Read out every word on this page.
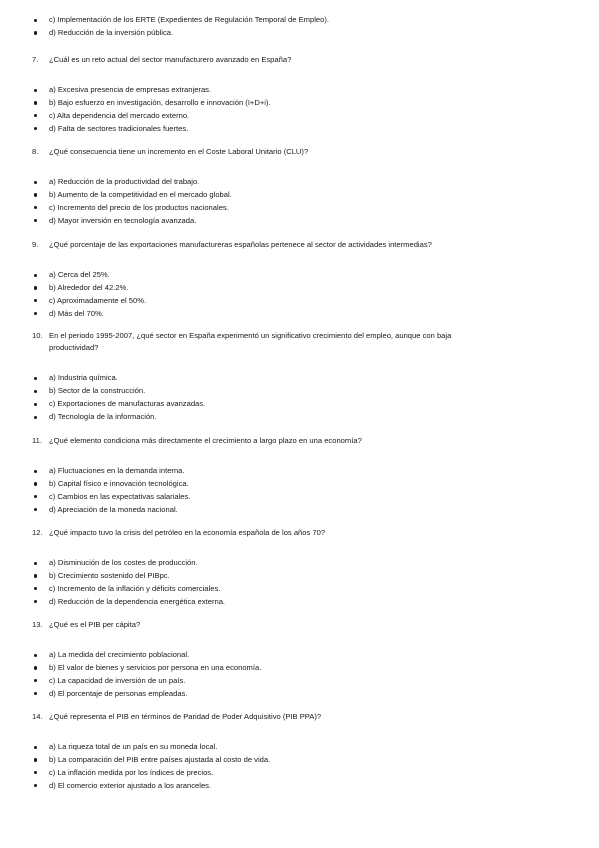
c) Implementación de los ERTE (Expedientes de Regulación Temporal de Empleo).
d) Reducción de la inversión pública.
7. ¿Cuál es un reto actual del sector manufacturero avanzado en España?
a) Excesiva presencia de empresas extranjeras.
b) Bajo esfuerzo en investigación, desarrollo e innovación (I+D+i).
c) Alta dependencia del mercado externo.
d) Falta de sectores tradicionales fuertes.
8. ¿Qué consecuencia tiene un incremento en el Coste Laboral Unitario (CLU)?
a) Reducción de la productividad del trabajo.
b) Aumento de la competitividad en el mercado global.
c) Incremento del precio de los productos nacionales.
d) Mayor inversión en tecnología avanzada.
9. ¿Qué porcentaje de las exportaciones manufactureras españolas pertenece al sector de actividades intermedias?
a) Cerca del 25%.
b) Alrededor del 42.2%.
c) Aproximadamente el 50%.
d) Más del 70%.
10. En el periodo 1995-2007, ¿qué sector en España experimentó un significativo crecimiento del empleo, aunque con baja
productividad?
a) Industria química.
b) Sector de la construcción.
c) Exportaciones de manufacturas avanzadas.
d) Tecnología de la información.
11. ¿Qué elemento condiciona más directamente el crecimiento a largo plazo en una economía?
a) Fluctuaciones en la demanda interna.
b) Capital físico e innovación tecnológica.
c) Cambios en las expectativas salariales.
d) Apreciación de la moneda nacional.
12. ¿Qué impacto tuvo la crisis del petróleo en la economía española de los años 70?
a) Disminución de los costes de producción.
b) Crecimiento sostenido del PIBpc.
c) Incremento de la inflación y déficits comerciales.
d) Reducción de la dependencia energética externa.
13. ¿Qué es el PIB per cápita?
a) La medida del crecimiento poblacional.
b) El valor de bienes y servicios por persona en una economía.
c) La capacidad de inversión de un país.
d) El porcentaje de personas empleadas.
14. ¿Qué representa el PIB en términos de Paridad de Poder Adquisitivo (PIB PPA)?
a) La riqueza total de un país en su moneda local.
b) La comparación del PIB entre países ajustada al costo de vida.
c) La inflación medida por los índices de precios.
d) El comercio exterior ajustado a los aranceles.
